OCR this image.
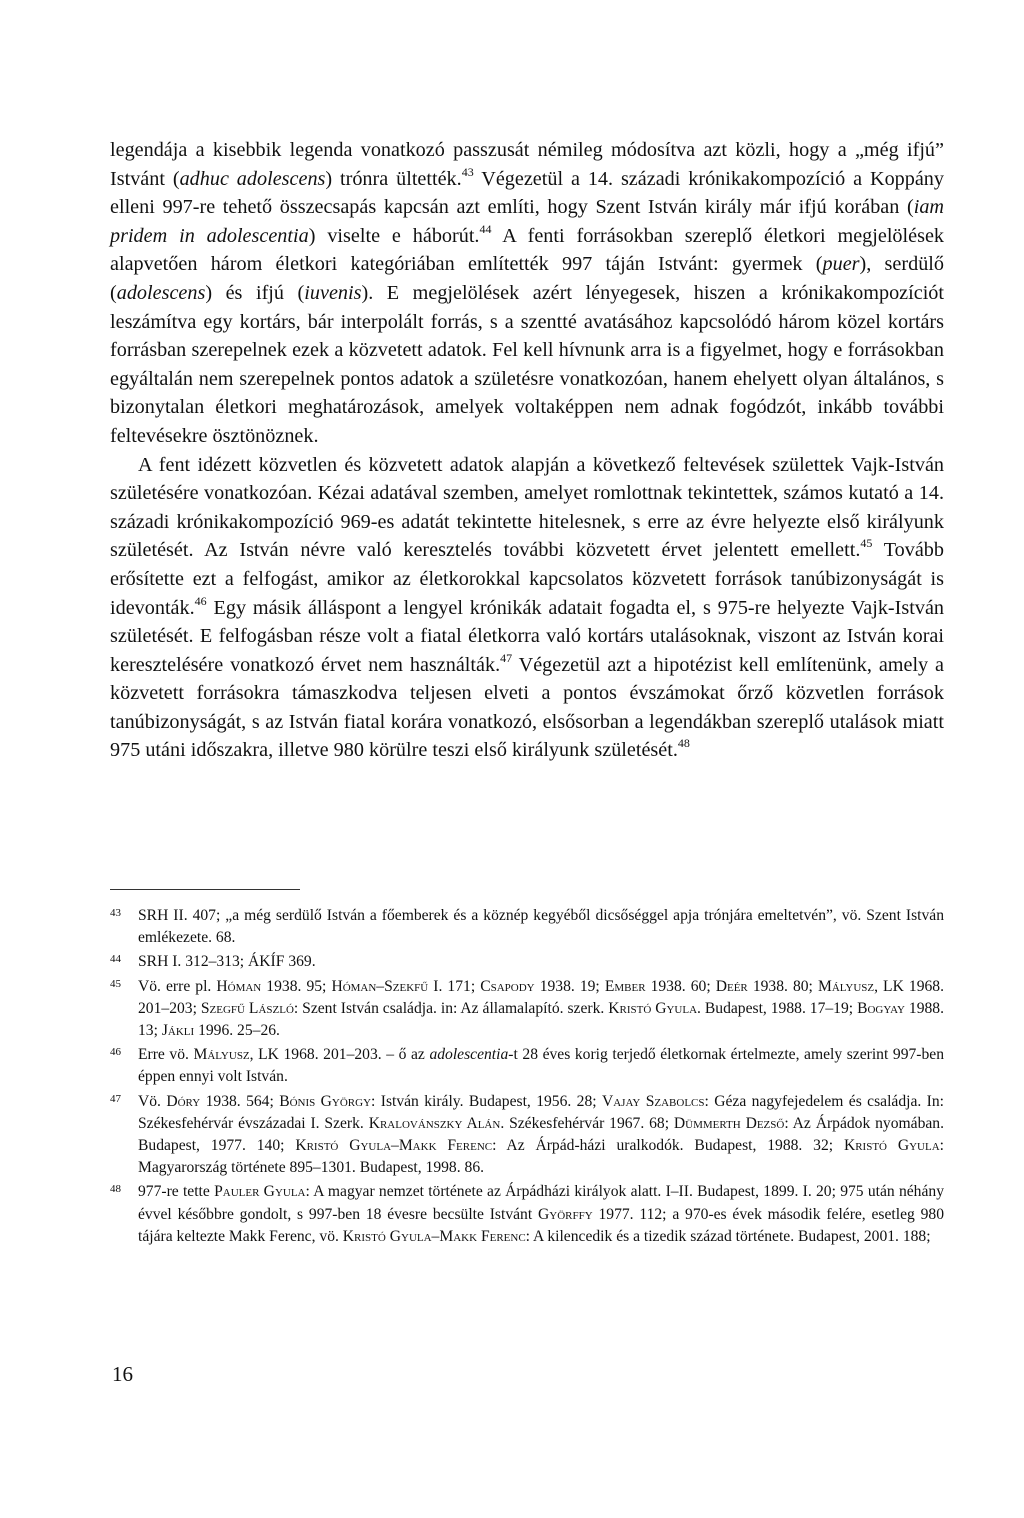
legendája a kisebbik legenda vonatkozó passzusát némileg módosítva azt közli, hogy a „még ifjú” Istvánt (adhuc adolescens) trónra ültették.$^{43}$ Végezetül a 14. századi krónikakompozíció a Koppány elleni 997-re tehető összecsapás kapcsán azt említi, hogy Szent István király már ifjú korában (iam pridem in adolescentia) viselte e háborút.$^{44}$ A fenti forrásokban szereplő életkori megjelölések alapvetően három életkori kategóriában említették 997 táján Istvánt: gyermek (puer), serdülő (adolescens) és ifjú (iuvenis). E megjelölések azért lényegesek, hiszen a krónikakompozíciót leszámítva egy kortárs, bár interpolált forrás, s a szentté avatásához kapcsolódó három közel kortárs forrásban szerepelnek ezek a közvetett adatok. Fel kell hívnunk arra is a figyelmet, hogy e forrásokban egyáltalán nem szerepelnek pontos adatok a születésre vonatkozóan, hanem ehelyett olyan általános, s bizonytalan életkori meghatározások, amelyek voltaképpen nem adnak fogódzót, inkább további feltevésekre ösztönöznek.

A fent idézett közvetlen és közvetett adatok alapján a következő feltevések születtek Vajk-István születésére vonatkozóan. Kézai adatával szemben, amelyet romlottnak tekintettek, számos kutató a 14. századi krónikakompozíció 969-es adatát tekintette hitelesnek, s erre az évre helyezte első királyunk születését. Az István névre való keresztelés további közvetett érvet jelentett emellett.$^{45}$ Tovább erősítette ezt a felfogást, amikor az életkorokkal kapcsolatos közvetett források tanúbizonyságát is idevonták.$^{46}$ Egy másik álláspont a lengyel krónikák adatait fogadta el, s 975-re helyezte Vajk-István születését. E felfogásban része volt a fiatal életkorra való kortárs utalásoknak, viszont az István korai keresztelésére vonatkozó érvet nem használták.$^{47}$ Végezetül azt a hipotézist kell említenünk, amely a közvetett forrásokra támaszkodva teljesen elveti a pontos évszámokat őrző közvetlen források tanúbizonyságát, s az István fiatal korára vonatkozó, elsősorban a legendákban szereplő utalások miatt 975 utáni időszakra, illetve 980 körülre teszi első királyunk születését.$^{48}$

43 SRH II. 407; „a még serdülő István a főemberek és a köznép kegyéből dicsőséggel apja trónjára emeltetvén”, vö. Szent István emlékezete. 68.
44 SRH I. 312–313; ÁKÍF 369.
45 Vö. erre pl. Hóman 1938. 95; Hóman–Szekfű I. 171; Csapody 1938. 19; Ember 1938. 60; Deér 1938. 80; Mályusz, LK 1968. 201–203; Szegfű László: Szent István családja. in: Az államalapító. szerk. Kristó Gyula. Budapest, 1988. 17–19; Bogyay 1988. 13; Jákli 1996. 25–26.
46 Erre vö. Mályusz, LK 1968. 201–203. – ő az adolescentia-t 28 éves korig terjedő életkornak értelmezte, amely szerint 997-ben éppen ennyi volt István.
47 Vö. Dóry 1938. 564; Bónis György: István király. Budapest, 1956. 28; Vajay Szabolcs: Géza nagyfejedelem és családja. In: Székesfehérvár évszázadai I. Szerk. Kralovánszky Alán. Székesfehérvár 1967. 68; Dümmerth Dezső: Az Árpádok nyomában. Budapest, 1977. 140; Kristó Gyula–Makk Ferenc: Az Árpád-házi uralkodók. Budapest, 1988. 32; Kristó Gyula: Magyarország története 895–1301. Budapest, 1998. 86.
48 977-re tette Pauler Gyula: A magyar nemzet története az Árpádházi királyok alatt. I–II. Budapest, 1899. I. 20; 975 után néhány évvel későbbre gondolt, s 997-ben 18 évesre becsülte Istvánt Györffy 1977. 112; a 970-es évek második felére, esetleg 980 tájára keltezte Makk Ferenc, vö. Kristó Gyula–Makk Ferenc: A kilencedik és a tizedik század története. Budapest, 2001. 188;
16
